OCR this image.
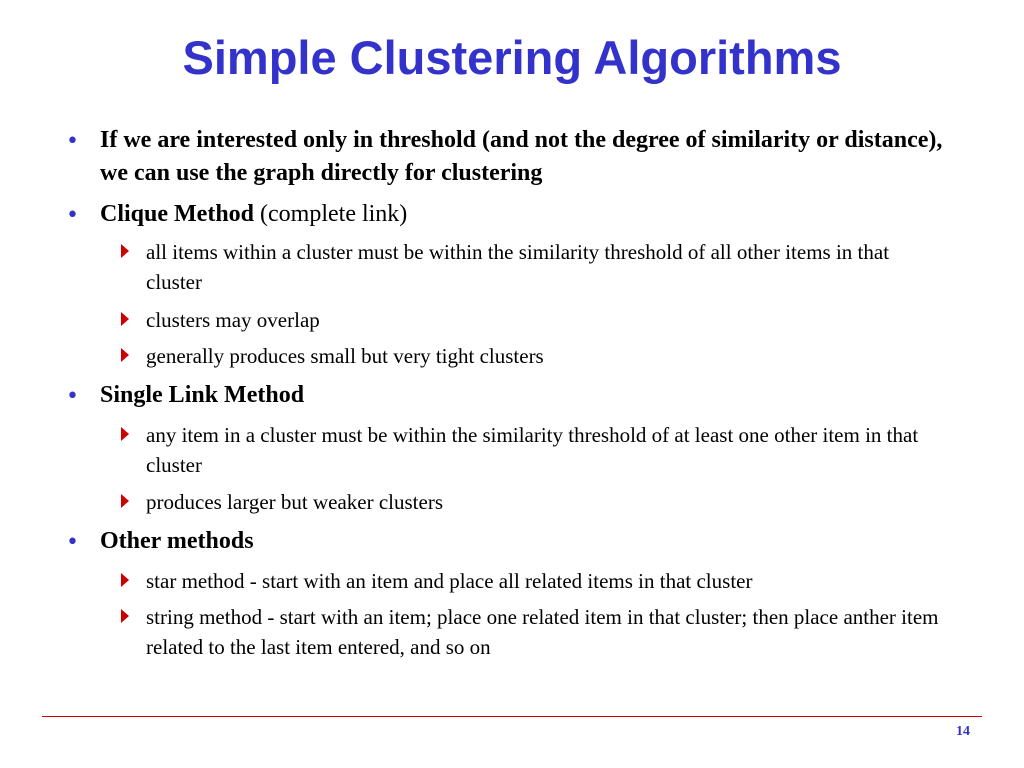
Simple Clustering Algorithms
• If we are interested only in threshold (and not the degree of similarity or distance), we can use the graph directly for clustering
• Clique Method (complete link)
all items within a cluster must be within the similarity threshold of all other items in that cluster
clusters may overlap
generally produces small but very tight clusters
• Single Link Method
any item in a cluster must be within the similarity threshold of at least one other item in that cluster
produces larger but weaker clusters
• Other methods
star method - start with an item and place all related items in that cluster
string method - start with an item; place one related item in that cluster; then place anther item related to the last item entered, and so on
14
